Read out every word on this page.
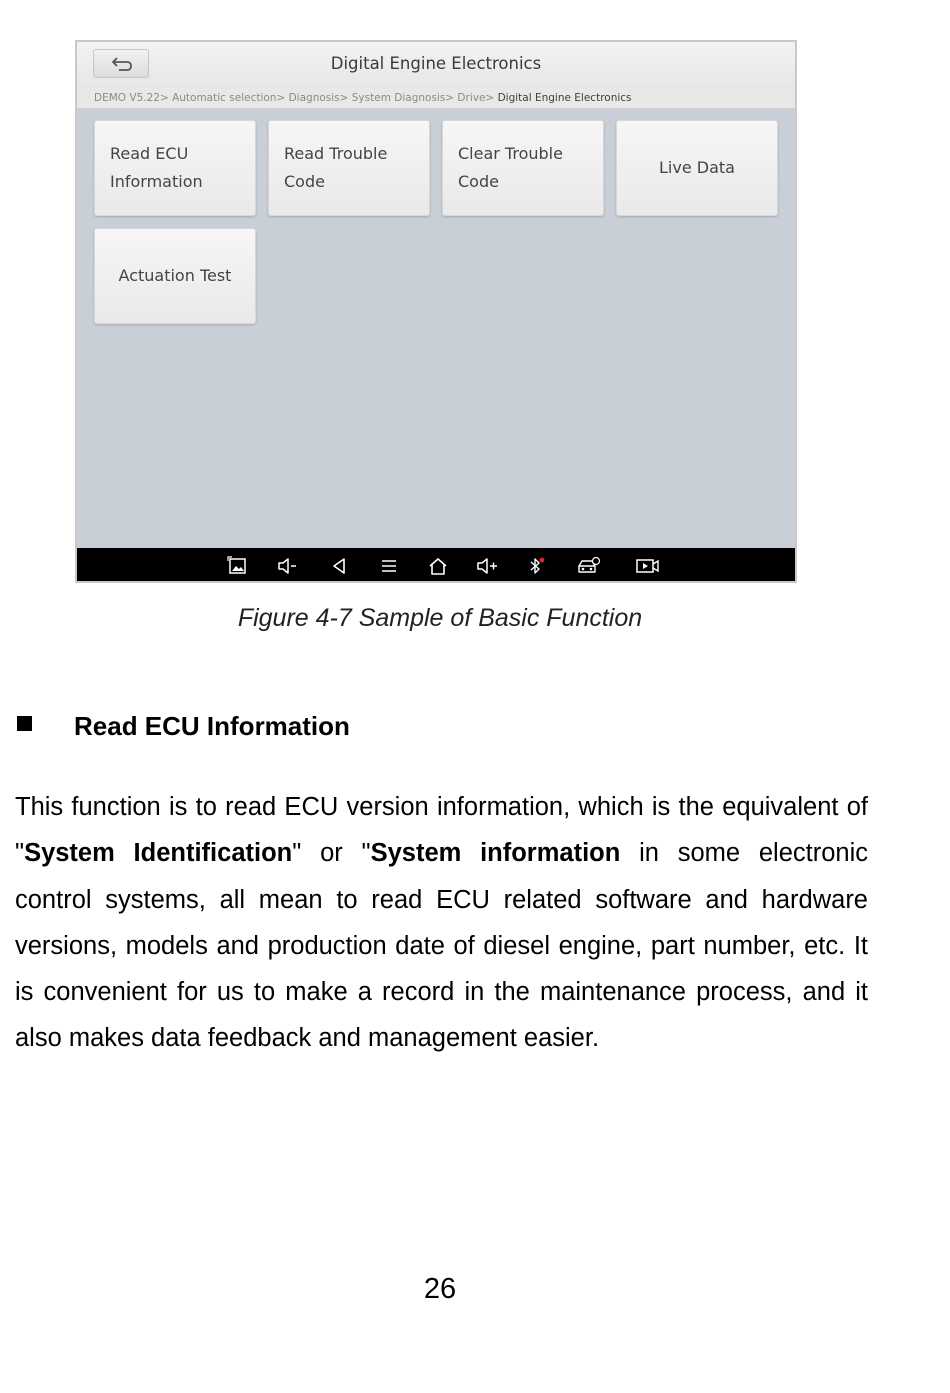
Digital Engine Electronics
DEMO V5.22> Automatic selection> Diagnosis> System Diagnosis> Drive> Digital Engine Electronics
Read ECU Information
Read Trouble Code
Clear Trouble Code
Live Data
Actuation Test
Figure 4-7 Sample of Basic Function
Read ECU Information
This function is to read ECU version information, which is the equivalent of "System Identification" or "System information in some electronic control systems, all mean to read ECU related software and hardware versions, models and production date of diesel engine, part number, etc. It is convenient for us to make a record in the maintenance process, and it also makes data feedback and management easier.
26
